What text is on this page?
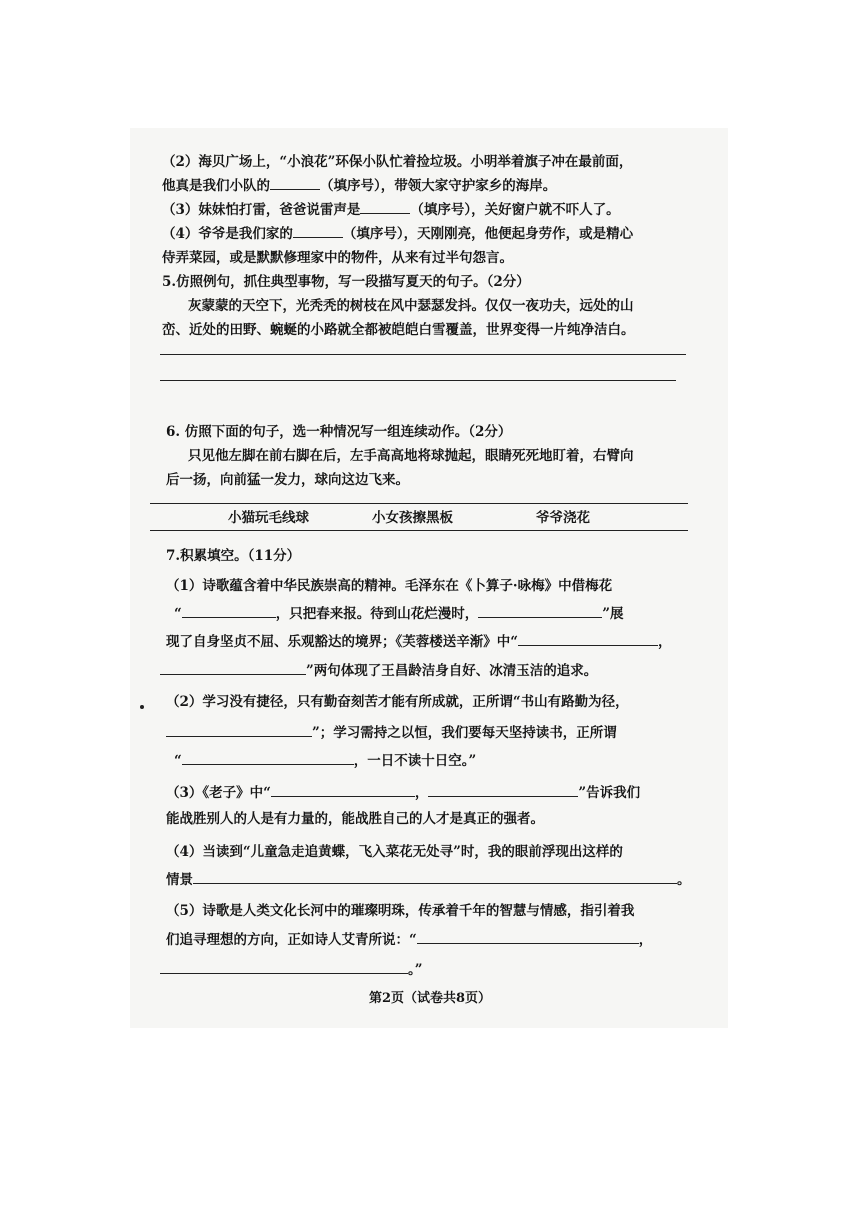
（2）海贝广场上，“小浪花”环保小队忙着捡垃圾。小明举着旗子冲在最前面，
他真是我们小队的	（填序号），带领大家守护家乡的海岸。
（3）妹妹怕打雷，爸爸说雷声是	（填序号），关好窗户就不吓人了。
（4）爷爷是我们家的	（填序号），天刚刚亮，他便起身劳作，或是精心
侍弄菜园，或是默默修理家中的物件，从来有过半句怨言。
5.仿照例句，抓住典型事物，写一段描写夏天的句子。（2分）
灰蒙蒙的天空下，光秃秃的树枝在风中瑟瑟发抖。仅仅一夜功夫，远处的山
峦、近处的田野、蜿蜒的小路就全都被皑皑白雪覆盖，世界变得一片纯净洁白。
6. 仿照下面的句子，选一种情况写一组连续动作。（2分）
只见他左脚在前右脚在后，左手高高地将球抛起，眼睛死死地盯着，右臂向
后一扬，向前猛一发力，球向这边飞来。
小猫玩毛线球	小女孩擦黑板	爷爷浇花
7.积累填空。（11分）
（1）诗歌蕴含着中华民族崇高的精神。毛泽东在《卜算子·咏梅》中借梅花
“	，只把春来报。待到山花烂漫时，	”展
现了自身坚贞不屈、乐观豁达的境界；《芙蓉楼送辛渐》中“	，
”两句体现了王昌龄洁身自好、冰清玉洁的追求。
（2）学习没有捷径，只有勤奋刻苦才能有所成就，正所谓“书山有路勤为径，
”；学习需持之以恒，我们要每天坚持读书，正所谓
“	，一日不读十日空。”
（3）《老子》中“	，	”告诉我们
能战胜别人的人是有力量的，能战胜自己的人才是真正的强者。
（4）当读到“儿童急走追黄蝶，飞入菜花无处寻”时，我的眼前浮现出这样的
情景	。
（5）诗歌是人类文化长河中的璀璨明珠，传承着千年的智慧与情感，指引着我
们追寻理想的方向，正如诗人艾青所说：“	，
。”
第2页（试卷共8页）
